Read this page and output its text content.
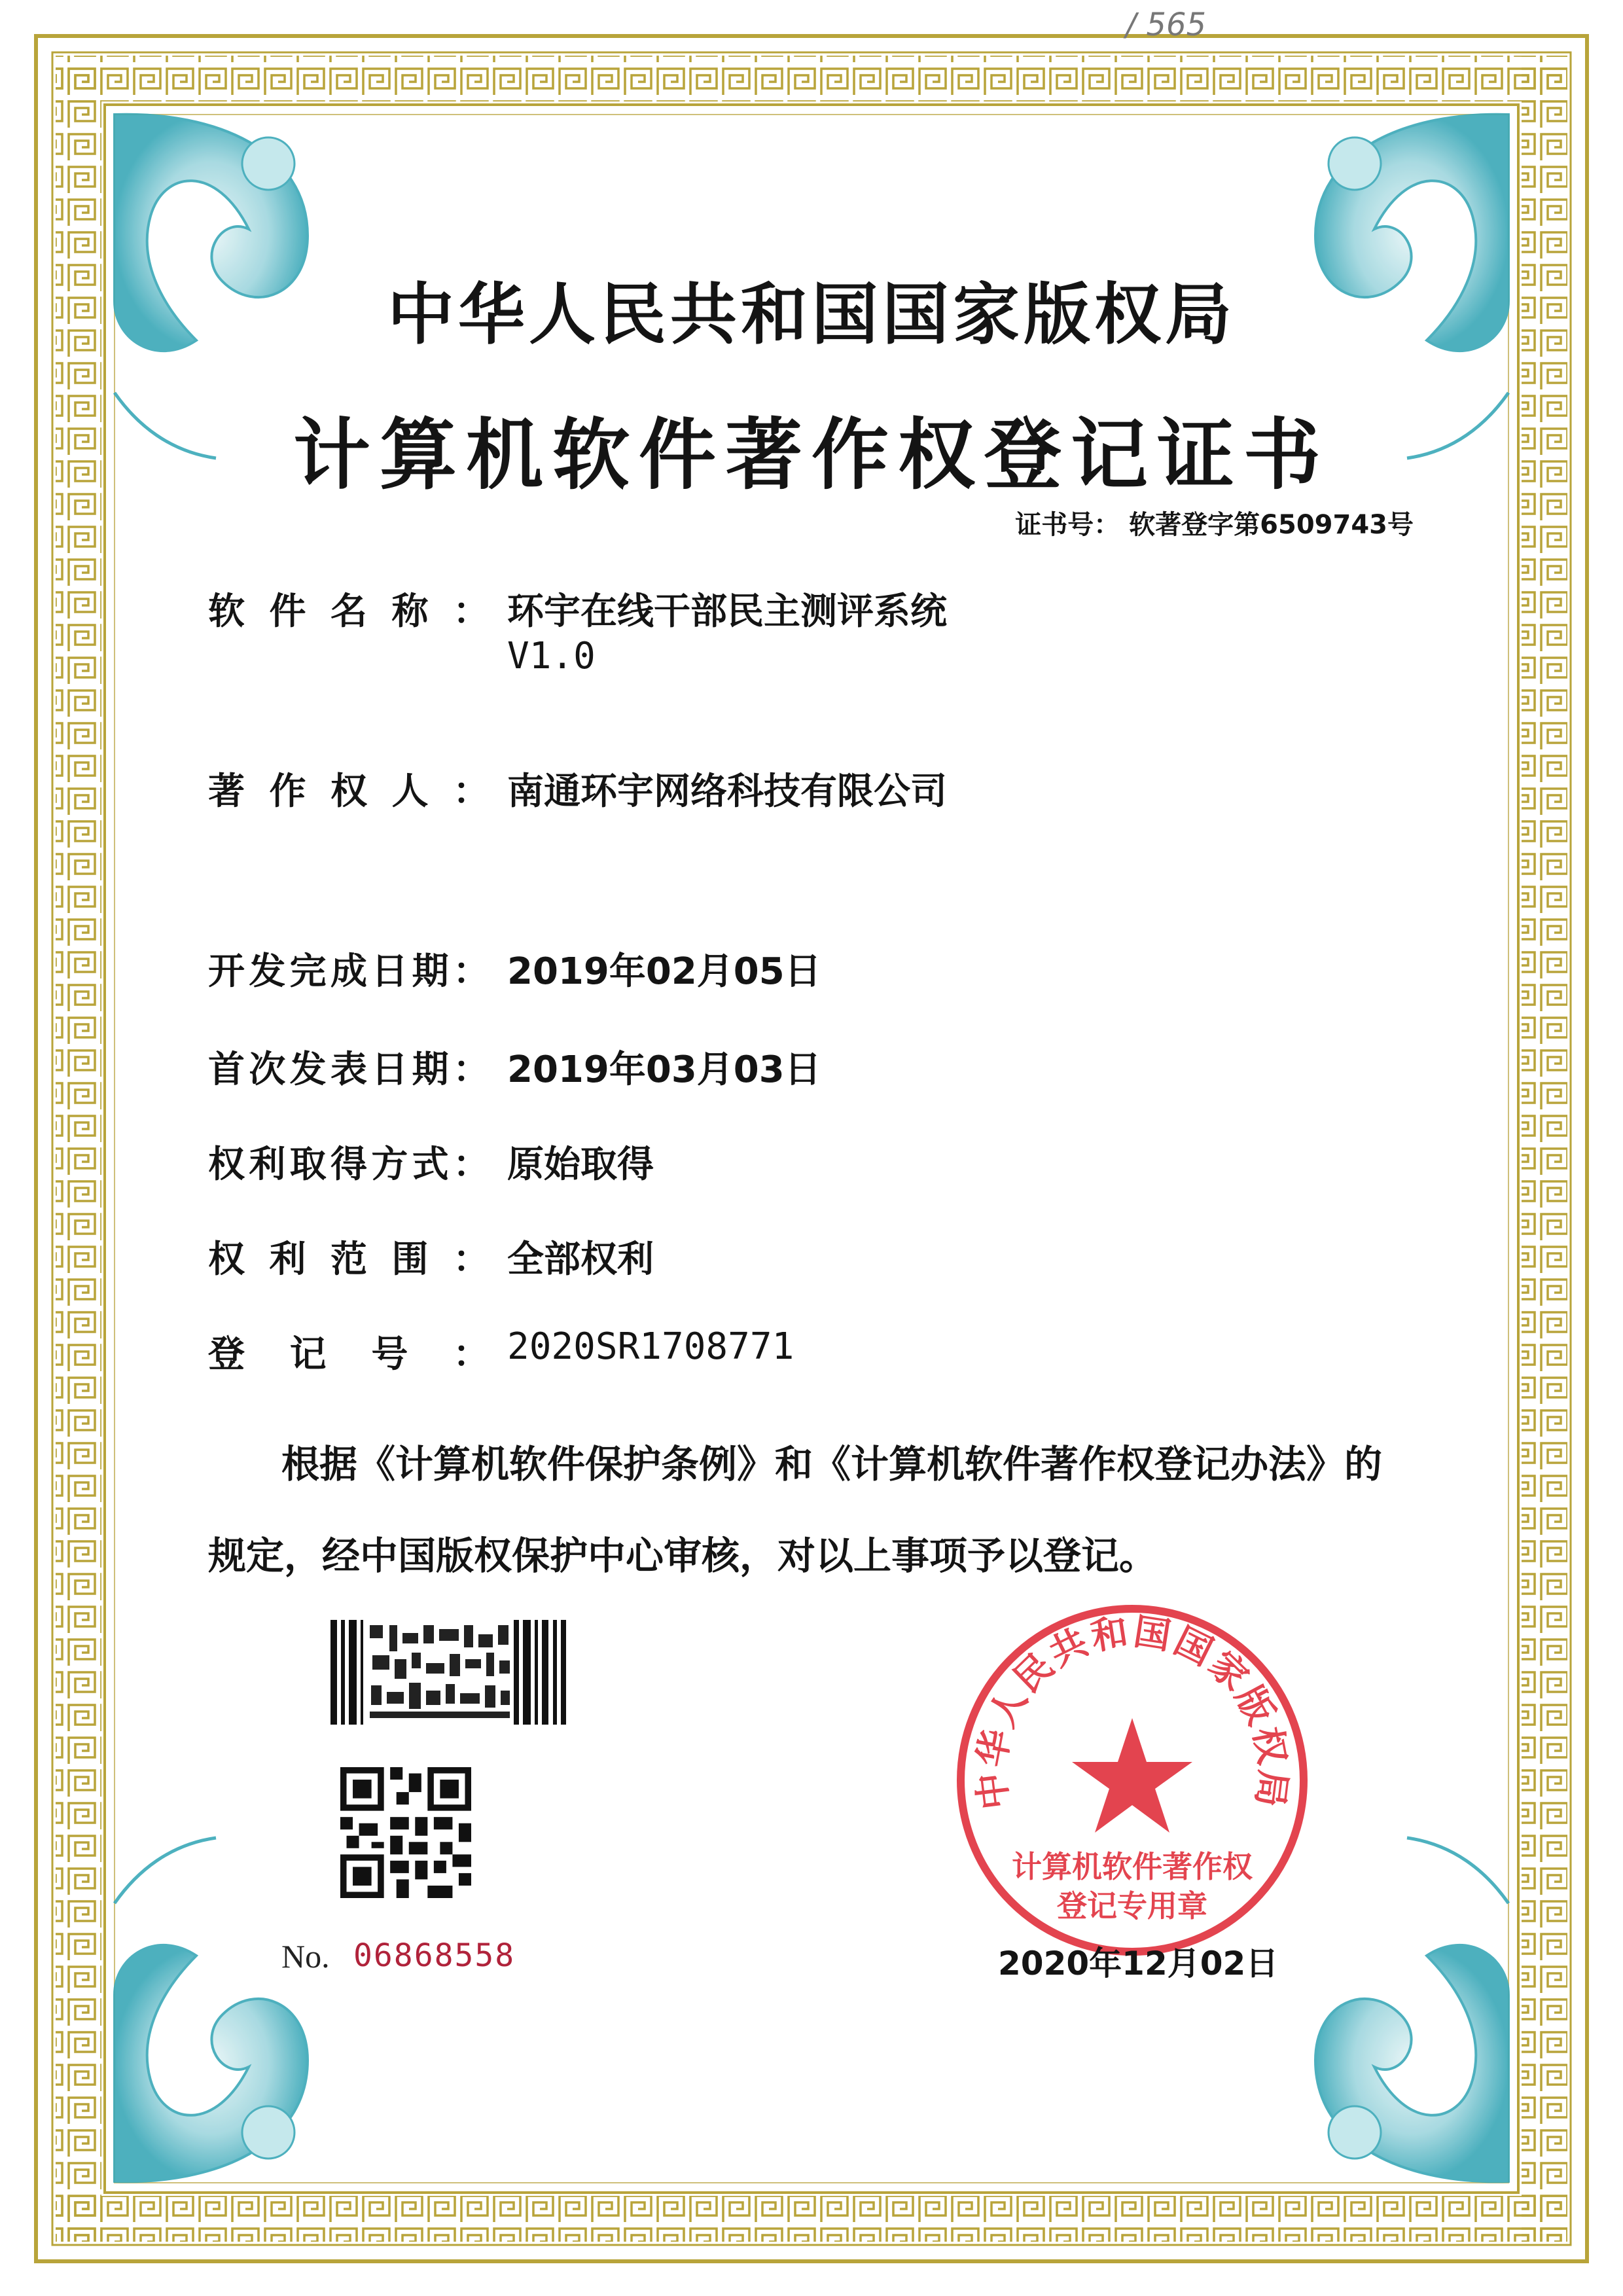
/ 565
中华人民共和国国家版权局
计算机软件著作权登记证书
证书号： 软著登字第6509743号
软件名称： 环宇在线干部民主测评系统
V1.0
著作权人： 南通环宇网络科技有限公司
开发完成日期： 2019年02月05日
首次发表日期： 2019年03月03日
权利取得方式： 原始取得
权利范围： 全部权利
登记号： 2020SR1708771
根据《计算机软件保护条例》和《计算机软件著作权登记办法》的
规定，经中国版权保护中心审核，对以上事项予以登记。
No. 06868558
中华人民共和国国家版权局
计算机软件著作权
登记专用章
2020年12月02日
